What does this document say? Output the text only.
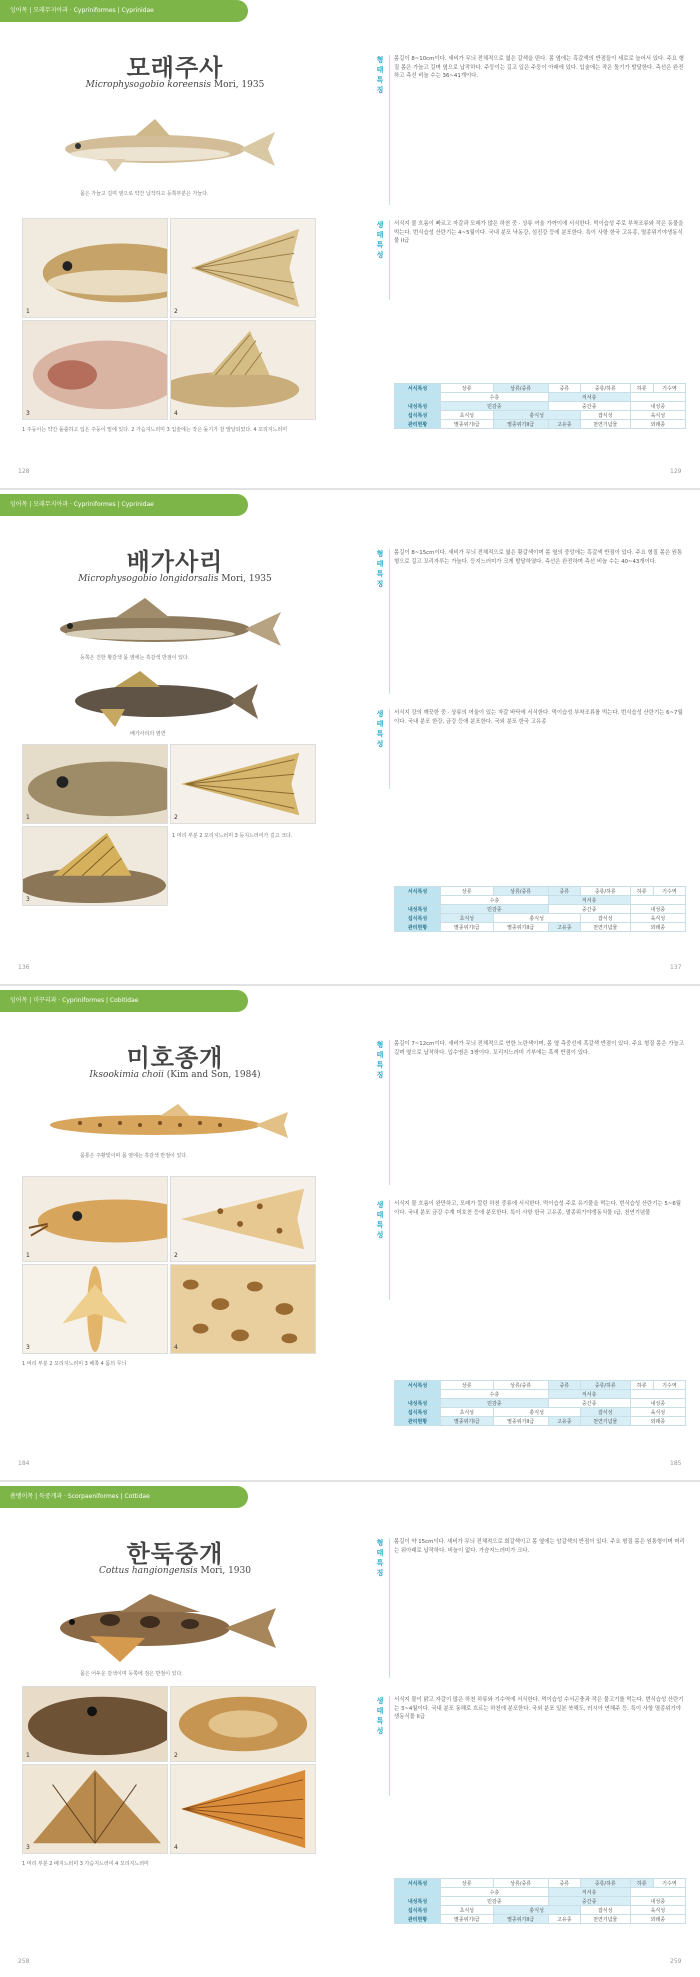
잉어목 | 모래무지아과 · Cypriniformes | Cyprinidae
모래주사
Microphysogobio koreensis Mori, 1935
몸은 가늘고 길며 옆으로 약간 납작하고 등쪽부분은 가늘다.
1	2
3	4
1 주둥이는 약간 돌출하고 입은 주둥이 밑에 있다. 2 가슴지느러미 3 입술에는 작은 돌기가 잘 발달되었다. 4 꼬리지느러미
128
형태 특징
몸길이 8~10cm이다. 새비가 무늬 전체적으로 엷은 갈색을 띤다. 몸 옆에는 흑갈색의 반점들이 세로로 늘어서 있다. 주요 형질 몸은 가늘고 길며 옆으로 납작하다. 주둥이는 길고 입은 주둥이 아래에 있다. 입술에는 작은 돌기가 발달한다. 측선은 완전하고 측선 비늘 수는 36~41개이다.
생태 특성
서식지 물 흐름이 빠르고 자갈과 모래가 많은 하천 중 · 상류 여울 가까이에 서식한다. 먹이습성 주로 부착조류와 작은 동물을 먹는다. 번식습성 산란기는 4~5월이다. 국내 분포 낙동강, 섬진강 등에 분포한다. 특이 사항 한국 고유종, 멸종위기야생동식물 II급
서식특성	상류	상류/중류	중류	중류/하류	하류	기수역
	수층		저서층			
내성특성	민감종		중간종		내성종	
섭식특성	초식성	충식성		잡식성	육식성	
관리현황	멸종위기I급	멸종위기II급	고유종	천연기념물	외래종	
129
잉어목 | 모래무지아과 · Cypriniformes | Cyprinidae
배가사리
Microphysogobio longidorsalis Mori, 1935
등쪽은 진한 황갈색 몸 옆에는 흑갈색 반점이 있다.
배가사리의 옆면
1	2
3
1 머리 부분 2 꼬리지느러미 3 등지느러미가 길고 크다.
136
형태 특징
몸길이 8~15cm이다. 새비가 무늬 전체적으로 엷은 황갈색이며 몸 옆의 중앙에는 흑갈색 반점이 있다. 주요 형질 몸은 원통형으로 길고 꼬리자루는 가늘다. 등지느러미가 크게 발달하였다. 측선은 완전하며 측선 비늘 수는 40~43개이다.
생태 특성
서식지 강의 깨끗한 중 · 상류의 여울이 있는 자갈 바닥에 서식한다. 먹이습성 부착조류를 먹는다. 번식습성 산란기는 6~7월이다. 국내 분포 한강, 금강 등에 분포한다. 국외 분포 한국 고유종
서식특성	상류	상류/중류	중류	중류/하류	하류	기수역
	수층		저서층			
내성특성	민감종		중간종		내성종	
섭식특성	초식성	충식성		잡식성	육식성	
관리현황	멸종위기I급	멸종위기II급	고유종	천연기념물	외래종	
137
잉어목 | 미꾸리과 · Cypriniformes | Cobitidae
미호종개
Iksookimia choii (Kim and Son, 1984)
몸통은 주황빛이며 몸 옆에는 흑갈색 반점이 있다.
1	2
3	4
1 머리 부분 2 꼬리지느러미 3 배쪽 4 몸의 무늬
184
형태 특징
몸길이 7~12cm이다. 새비가 무늬 전체적으로 연한 노란색이며, 몸 옆 측중선에 흑갈색 반점이 있다. 주요 형질 몸은 가늘고 길며 옆으로 납작하다. 입수염은 3쌍이다. 꼬리지느러미 기부에는 흑색 반점이 있다.
생태 특성
서식지 물 흐름이 완만하고, 모래가 깔린 하천 중류에 서식한다. 먹이습성 주로 유기물을 먹는다. 번식습성 산란기는 5~6월이다. 국내 분포 금강 수계 미호천 등에 분포한다. 특이 사항 한국 고유종, 멸종위기야생동식물 I급, 천연기념물
서식특성	상류	상류/중류	중류	중류/하류	하류	기수역
	수층		저서층			
내성특성	민감종		중간종		내성종	
섭식특성	초식성	충식성		잡식성	육식성	
관리현황	멸종위기I급	멸종위기II급	고유종	천연기념물	외래종	
185
쏨뱅이목 | 둑중개과 · Scorpaeniformes | Cottidae
한둑중개
Cottus hangiongensis Mori, 1930
몸은 어두운 갈색이며 등쪽에 검은 반점이 있다.
1	2
3	4
1 머리 부분 2 배지느러미 3 가슴지느러미 4 꼬리지느러미
258
형태 특징
몸길이 약 15cm이다. 새비가 무늬 전체적으로 회갈색이고 몸 옆에는 암갈색의 반점이 있다. 주요 형질 몸은 원통형이며 머리는 위아래로 납작하다. 비늘이 없다. 가슴지느러미가 크다.
생태 특성
서식지 물이 맑고 자갈이 많은 하천 하류와 기수역에 서식한다. 먹이습성 수서곤충과 작은 물고기를 먹는다. 번식습성 산란기는 3~4월이다. 국내 분포 동해로 흐르는 하천에 분포한다. 국외 분포 일본 북해도, 러시아 연해주 등. 특이 사항 멸종위기야생동식물 II급
서식특성	상류	상류/중류	중류	중류/하류	하류	기수역
	수층		저서층			
내성특성	민감종		중간종		내성종	
섭식특성	초식성	충식성		잡식성	육식성	
관리현황	멸종위기I급	멸종위기II급	고유종	천연기념물	외래종	
259
